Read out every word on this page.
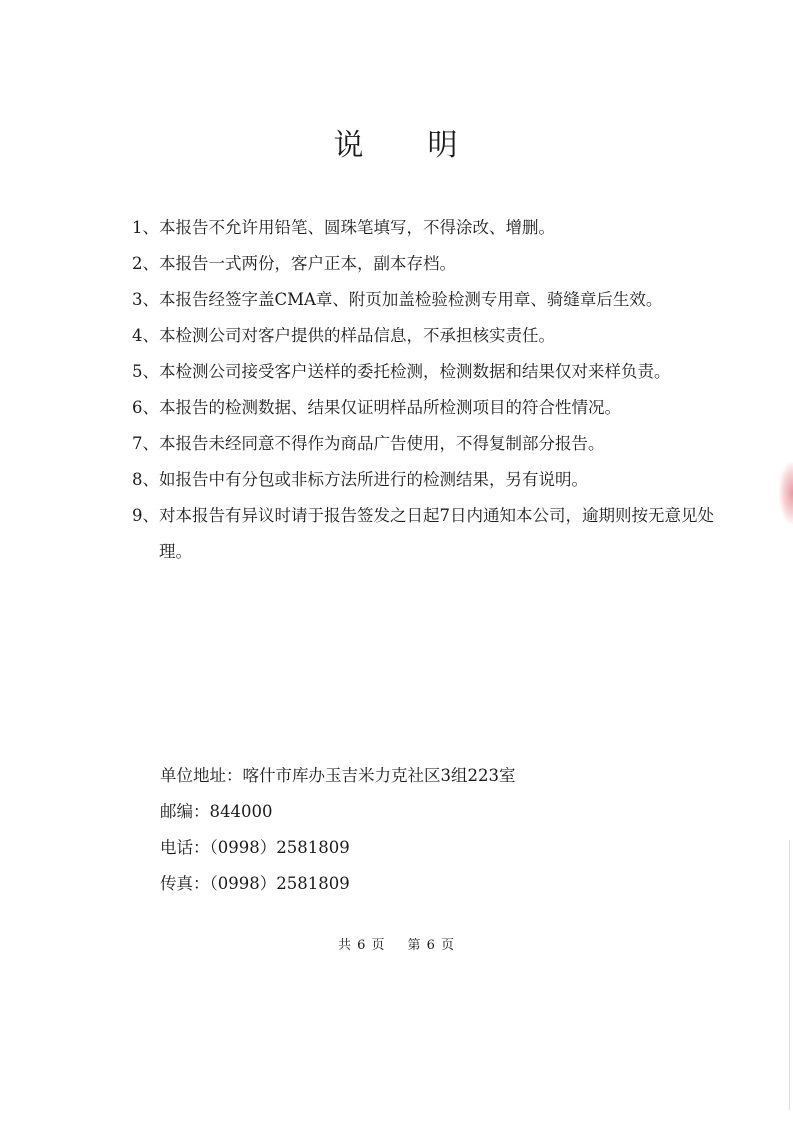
说 明
1、 本报告不允许用铅笔、圆珠笔填写，不得涂改、增删。
2、 本报告一式两份，客户正本，副本存档。
3、 本报告经签字盖CMA章、附页加盖检验检测专用章、骑缝章后生效。
4、 本检测公司对客户提供的样品信息，不承担核实责任。
5、 本检测公司接受客户送样的委托检测，检测数据和结果仅对来样负责。
6、 本报告的检测数据、结果仅证明样品所检测项目的符合性情况。
7、 本报告未经同意不得作为商品广告使用，不得复制部分报告。
8、 如报告中有分包或非标方法所进行的检测结果，另有说明。
9、 对本报告有异议时请于报告签发之日起7日内通知本公司，逾期则按无意见处理。
单位地址：喀什市库办玉吉米力克社区3组223室
邮编：844000
电话：（0998）2581809
传真：（0998）2581809
共 6 页 第 6 页
